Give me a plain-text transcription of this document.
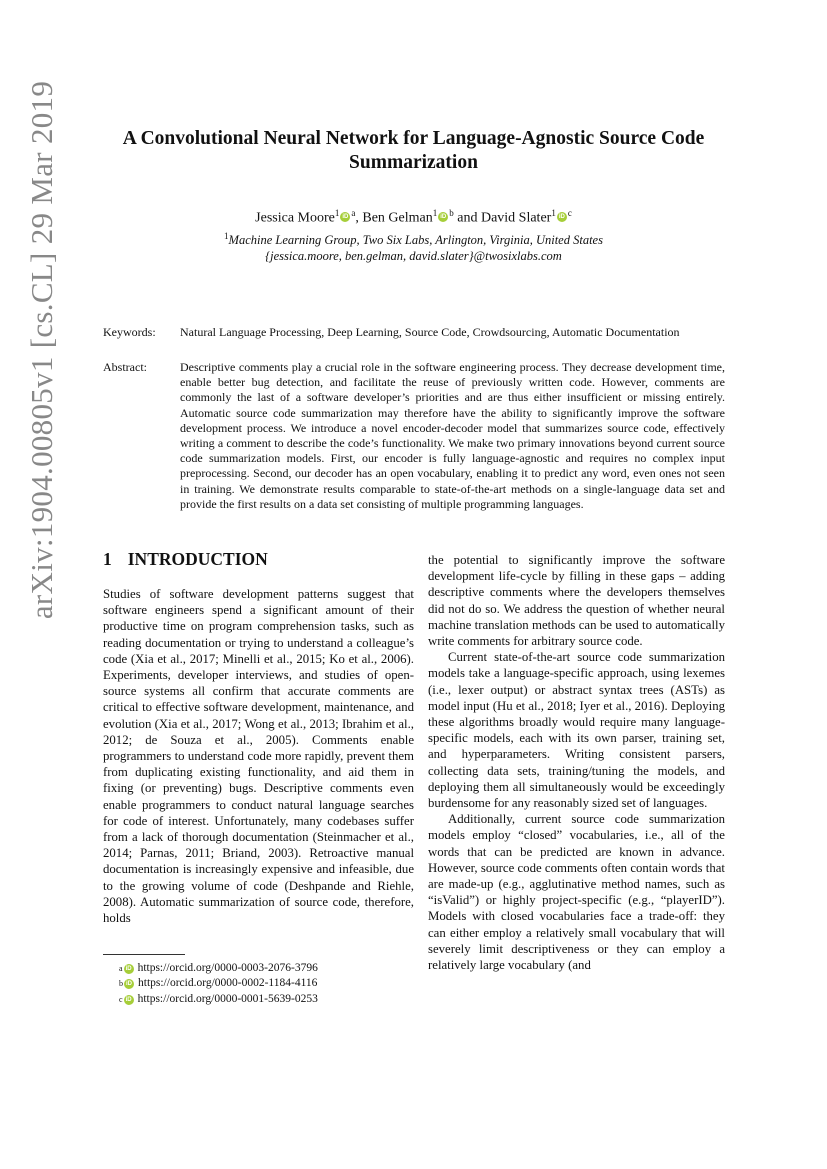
arXiv:1904.00805v1 [cs.CL] 29 Mar 2019	A Convolutional Neural Network for Language-Agnostic Source Code
Summarization
Jessica Moore$^1$ iD $^a$, Ben Gelman$^1$ iD $^b$ and David Slater$^1$ iD $^c$
$^1$Machine Learning Group, Two Six Labs, Arlington, Virginia, United States
{jessica.moore, ben.gelman, david.slater}@twosixlabs.com
Keywords: Natural Language Processing, Deep Learning, Source Code, Crowdsourcing, Automatic Documentation
Abstract:	Descriptive comments play a crucial role in the software engineering process. They decrease development time, enable better bug detection, and facilitate the reuse of previously written code. However, comments are commonly the last of a software developer’s priorities and are thus either insufficient or missing entirely. Automatic source code summarization may therefore have the ability to significantly improve the software development process. We introduce a novel encoder-decoder model that summarizes source code, effectively writing a comment to describe the code’s functionality. We make two primary innovations beyond current source code summarization models. First, our encoder is fully language-agnostic and requires no complex input preprocessing. Second, our decoder has an open vocabulary, enabling it to predict any word, even ones not seen in training. We demonstrate results comparable to state-of-the-art methods on a single-language data set and provide the first results on a data set consisting of multiple programming languages.
1 INTRODUCTION

Studies of software development patterns suggest that software engineers spend a significant amount of their productive time on program comprehension tasks, such as reading documentation or trying to understand a colleague’s code (Xia et al., 2017; Minelli et al., 2015; Ko et al., 2006). Experiments, developer interviews, and studies of open-source systems all confirm that accurate comments are critical to effective software development, maintenance, and evolution (Xia et al., 2017; Wong et al., 2013; Ibrahim et al., 2012; de Souza et al., 2005). Comments enable programmers to understand code more rapidly, prevent them from duplicating existing functionality, and aid them in fixing (or preventing) bugs. Descriptive comments even enable programmers to conduct natural language searches for code of interest. Unfortunately, many codebases suffer from a lack of thorough documentation (Steinmacher et al., 2014; Parnas, 2011; Briand, 2003). Retroactive manual documentation is increasingly expensive and infeasible, due to the growing volume of code (Deshpande and Riehle, 2008). Automatic summarization of source code, therefore, holds

the potential to significantly improve the software development life-cycle by filling in these gaps – adding descriptive comments where the developers themselves did not do so. We address the question of whether neural machine translation methods can be used to automatically write comments for arbitrary source code.

Current state-of-the-art source code summarization models take a language-specific approach, using lexemes (i.e., lexer output) or abstract syntax trees (ASTs) as model input (Hu et al., 2018; Iyer et al., 2016). Deploying these algorithms broadly would require many language-specific models, each with its own parser, training set, and hyperparameters. Writing consistent parsers, collecting data sets, training/tuning the models, and deploying them all simultaneously would be exceedingly burdensome for any reasonably sized set of languages.

Additionally, current source code summarization models employ “closed” vocabularies, i.e., all of the words that can be predicted are known in advance. However, source code comments often contain words that are made-up (e.g., agglutinative method names, such as “isValid”) or highly project-specific (e.g., “playerID”). Models with closed vocabularies face a trade-off: they can either employ a relatively small vocabulary that will severely limit descriptiveness or they can employ a relatively large vocabulary (and

a iD https://orcid.org/0000-0003-2076-3796
b iD https://orcid.org/0000-0002-1184-4116
c iD https://orcid.org/0000-0001-5639-0253
